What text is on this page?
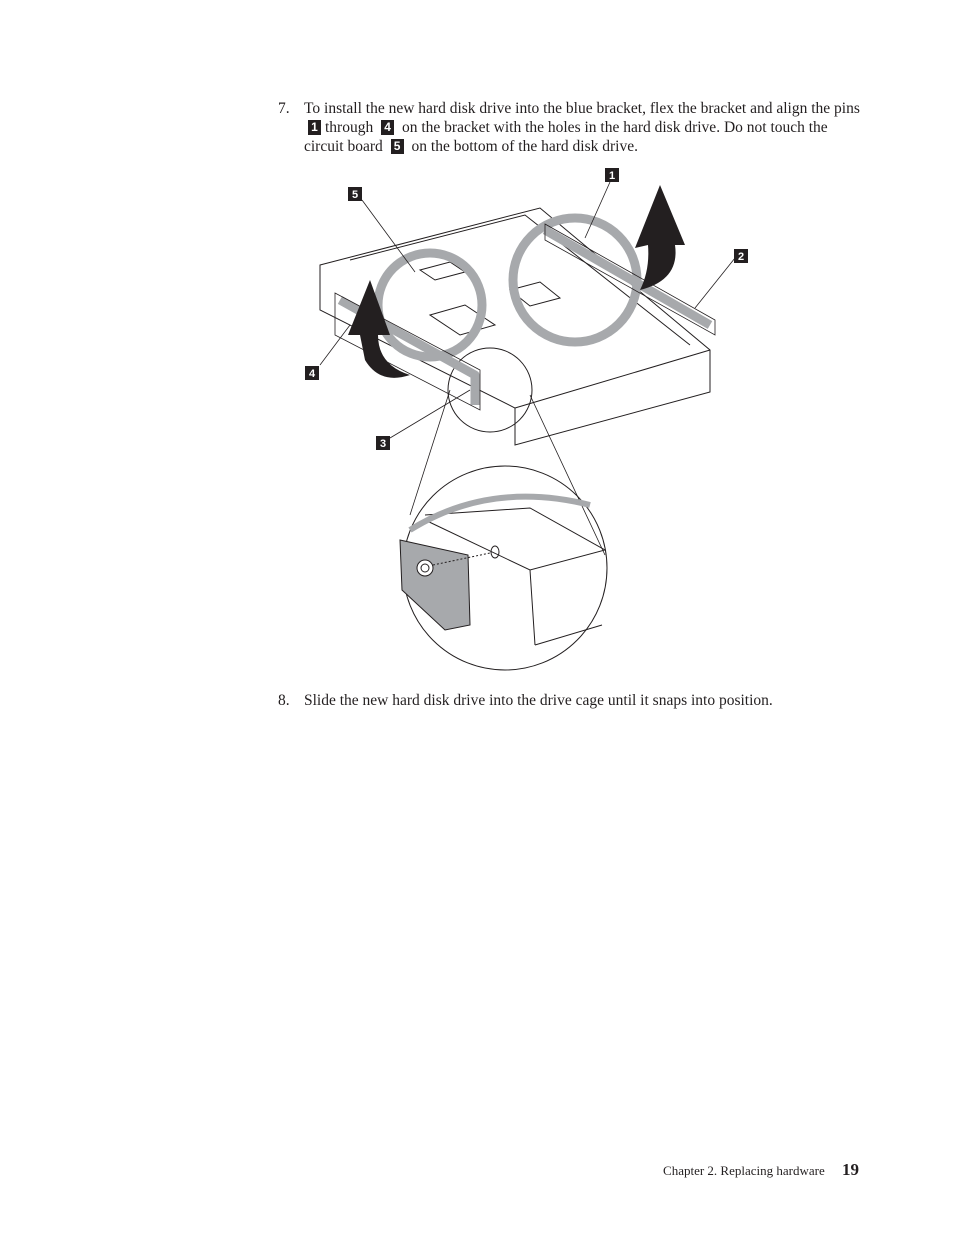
7. To install the new hard disk drive into the blue bracket, flex the bracket and align the pins 1 through 4 on the bracket with the holes in the hard disk drive. Do not touch the circuit board 5 on the bottom of the hard disk drive.
5
1
2
4
3
8. Slide the new hard disk drive into the drive cage until it snaps into position.
Chapter 2. Replacing hardware 19
